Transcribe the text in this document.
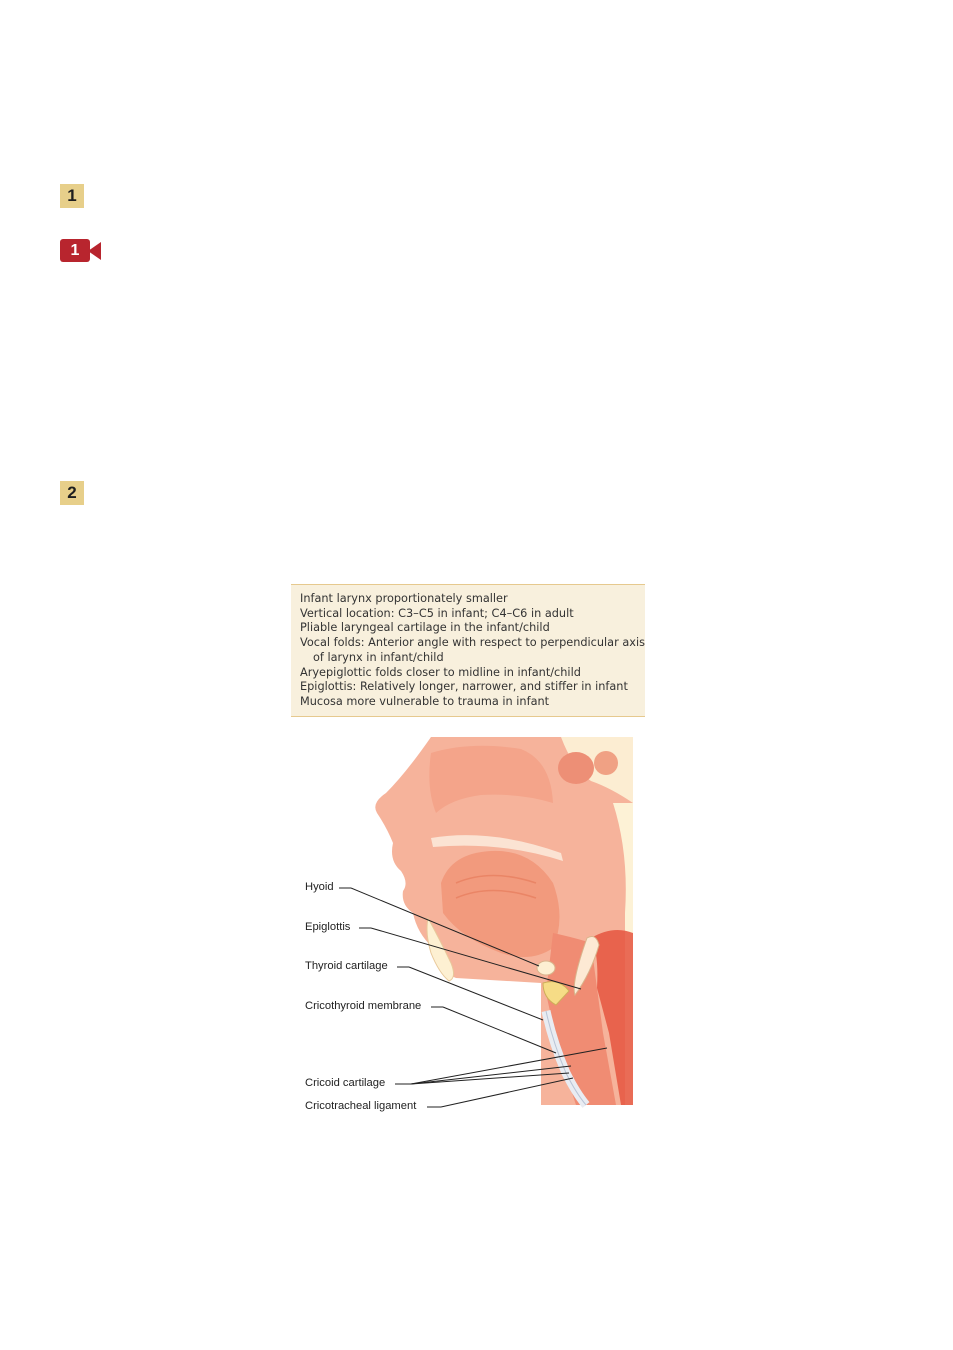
1
1
2
Infant larynx proportionately smaller
Vertical location: C3–C5 in infant; C4–C6 in adult
Pliable laryngeal cartilage in the infant/child
Vocal folds: Anterior angle with respect to perpendicular axis
of larynx in infant/child
Aryepiglottic folds closer to midline in infant/child
Epiglottis: Relatively longer, narrower, and stiffer in infant
Mucosa more vulnerable to trauma in infant
Hyoid
Epiglottis
Thyroid cartilage
Cricothyroid membrane
Cricoid cartilage
Cricotracheal ligament
